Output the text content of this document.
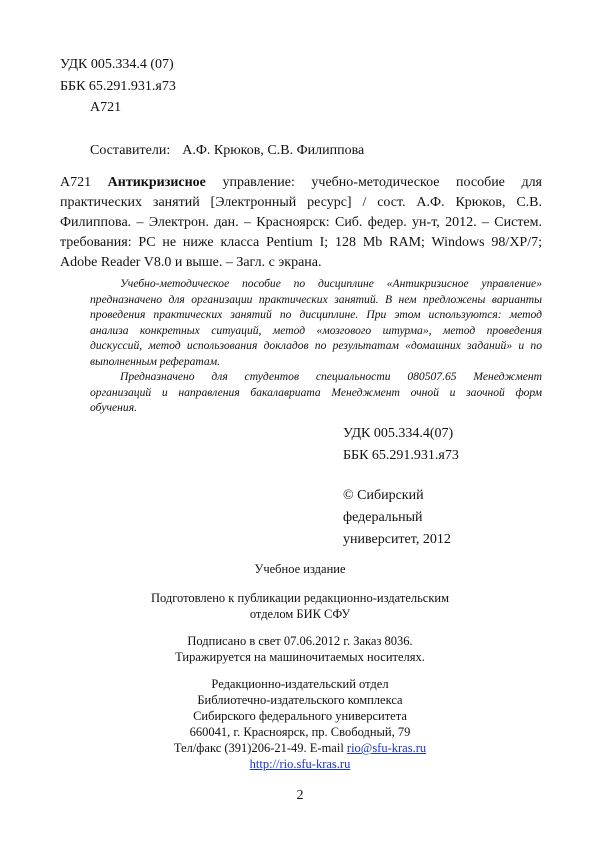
УДК 005.334.4 (07)
ББК 65.291.931.я73
А721
Составители: А.Ф. Крюков, С.В. Филиппова
А721 Антикризисное управление: учебно-методическое пособие для
практических занятий [Электронный ресурс] / сост. А.Ф. Крюков, С.В.
Филиппова. – Электрон. дан. – Красноярск: Сиб. федер. ун-т, 2012. – Систем.
требования: PC не ниже класса Pentium I; 128 Mb RAM; Windows 98/XP/7;
Adobe Reader V8.0 и выше. – Загл. с экрана.
Учебно-методическое пособие по дисциплине «Антикризисное управление»
предназначено для организации практических занятий. В нем предложены варианты
проведения практических занятий по дисциплине. При этом используются: метод
анализа конкретных ситуаций, метод «мозгового штурма», метод проведения
дискуссий, метод использования докладов по результатам «домашних заданий» и по
выполненным рефератам.
Предназначено для студентов специальности 080507.65 Менеджмент
организаций и направления бакалавриата Менеджмент очной и заочной форм
обучения.
УДК 005.334.4(07)
ББК 65.291.931.я73
© Сибирский
федеральный
университет, 2012
Учебное издание
Подготовлено к публикации редакционно-издательским
отделом БИК СФУ
Подписано в свет 07.06.2012 г. Заказ 8036.
Тиражируется на машиночитаемых носителях.
Редакционно-издательский отдел
Библиотечно-издательского комплекса
Сибирского федерального университета
660041, г. Красноярск, пр. Свободный, 79
Тел/факс (391)206-21-49. E-mail rio@sfu-kras.ru
http://rio.sfu-kras.ru
2
